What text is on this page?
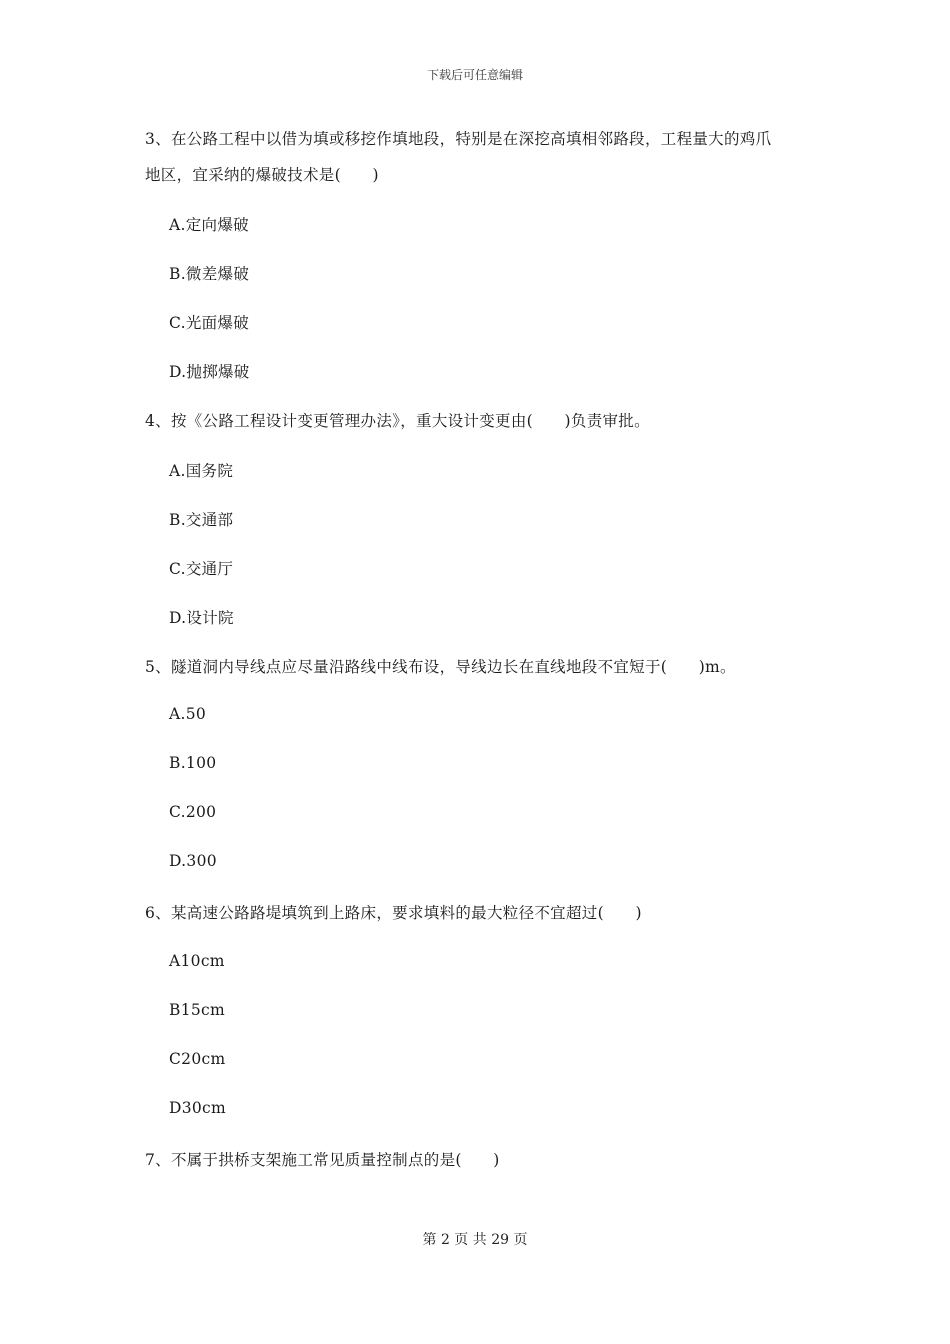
下载后可任意编辑
3、在公路工程中以借为填或移挖作填地段，特别是在深挖高填相邻路段，工程量大的鸡爪
地区，宜采纳的爆破技术是(　　)
A.定向爆破
B.微差爆破
C.光面爆破
D.抛掷爆破
4、按《公路工程设计变更管理办法》，重大设计变更由(　　)负责审批。
A.国务院
B.交通部
C.交通厅
D.设计院
5、隧道洞内导线点应尽量沿路线中线布设，导线边长在直线地段不宜短于(　　)m。
A.50
B.100
C.200
D.300
6、某高速公路路堤填筑到上路床，要求填料的最大粒径不宜超过(　　)
A10cm
B15cm
C20cm
D30cm
7、不属于拱桥支架施工常见质量控制点的是(　　)
第 2 页 共 29 页
